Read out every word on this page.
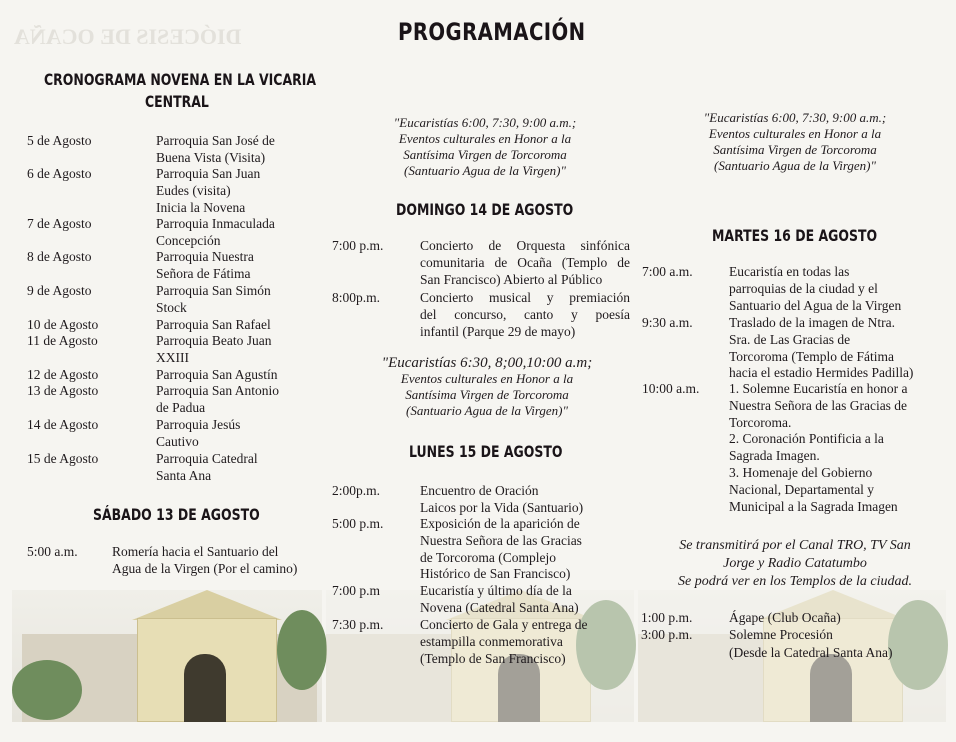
DIÓCESIS DE OCAÑA	PROGRAMACIÓN
CRONOGRAMA NOVENA EN LA VICARIA
CENTRAL
5 de Agosto	Parroquia San José de
Buena Vista (Visita)
6 de Agosto	Parroquia San Juan
Eudes (visita)
Inicia la Novena
7 de Agosto	Parroquia Inmaculada
Concepción
8 de Agosto	Parroquia Nuestra
Señora de Fátima
9 de Agosto	Parroquia San Simón
Stock
10 de Agosto	Parroquia San Rafael
11 de Agosto	Parroquia Beato Juan
XXIII
12 de Agosto	Parroquia San Agustín
13 de Agosto	Parroquia San Antonio
de Padua
14 de Agosto	Parroquia Jesús
Cautivo
15 de Agosto	Parroquia Catedral
Santa Ana
SÁBADO 13 DE AGOSTO
5:00 a.m.	Romería hacia el Santuario del
Agua de la Virgen (Por el camino)
"Eucaristías 6:00, 7:30, 9:00 a.m.;
Eventos culturales en Honor a la
Santísima Virgen de Torcoroma
(Santuario Agua de la Virgen)"
DOMINGO 14 DE AGOSTO
7:00 p.m.	Concierto de Orquesta sinfónica
comunitaria de Ocaña (Templo de
San Francisco) Abierto al Público
8:00p.m.	Concierto musical y premiación
del concurso, canto y poesía
infantil (Parque 29 de mayo)
"Eucaristías 6:30, 8;00,10:00 a.m;
Eventos culturales en Honor a la
Santísima Virgen de Torcoroma
(Santuario Agua de la Virgen)"
LUNES 15 DE AGOSTO
2:00p.m.	Encuentro de Oración
Laicos por la Vida (Santuario)
5:00 p.m.	Exposición de la aparición de
Nuestra Señora de las Gracias
de Torcoroma (Complejo
Histórico de San Francisco)
7:00 p.m	Eucaristía y último día de la
Novena (Catedral Santa Ana)
7:30 p.m.	Concierto de Gala y entrega de
estampilla conmemorativa
(Templo de San Francisco)
"Eucaristías 6:00, 7:30, 9:00 a.m.;
Eventos culturales en Honor a la
Santísima Virgen de Torcoroma
(Santuario Agua de la Virgen)"
MARTES 16 DE AGOSTO
7:00 a.m.	Eucaristía en todas las
parroquias de la ciudad y el
Santuario del Agua de la Virgen
9:30 a.m.	Traslado de la imagen de Ntra.
Sra. de Las Gracias de
Torcoroma (Templo de Fátima
hacia el estadio Hermides Padilla)
10:00 a.m. 1. Solemne Eucaristía en honor a
Nuestra Señora de las Gracias de
Torcoroma.
2. Coronación Pontificia a la
Sagrada Imagen.
3. Homenaje del Gobierno
Nacional, Departamental y
Municipal a la Sagrada Imagen
Se transmitirá por el Canal TRO, TV San
Jorge y Radio Catatumbo
Se podrá ver en los Templos de la ciudad.
1:00 p.m.	Ágape (Club Ocaña)
3:00 p.m.	Solemne Procesión
(Desde la Catedral Santa Ana)
